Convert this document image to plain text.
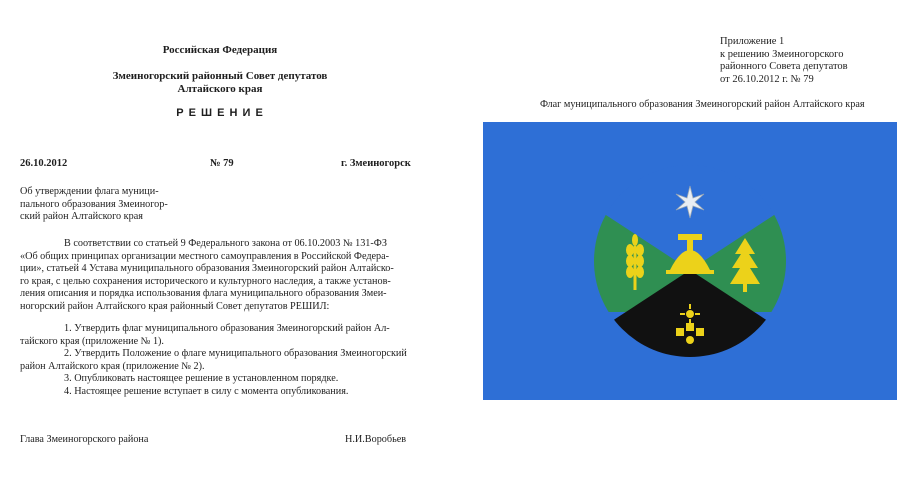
Российская Федерация
Змеиногорский районный Совет депутатов
Алтайского края
Р Е Ш Е Н И Е
26.10.2012	№ 79	г. Змеиногорск
Об утверждении флага муници-
пального образования Змеиногор-
ский район Алтайского края
В соответствии со статьей 9 Федерального закона от 06.10.2003 № 131-ФЗ
«Об общих принципах организации местного самоуправления в Российской Федера-
ции», статьей 4 Устава муниципального образования Змеиногорский район Алтайско-
го края, с целью сохранения исторического и культурного наследия, а также установ-
ления описания и порядка использования флага муниципального образования Змеи-
ногорский район Алтайского края районный Совет депутатов РЕШИЛ:
1. Утвердить флаг муниципального образования Змеиногорский район Ал-
тайского края (приложение № 1).
2. Утвердить Положение о флаге муниципального образования Змеиногорский
район Алтайского края (приложение № 2).
3. Опубликовать настоящее решение в установленном порядке.
4. Настоящее решение вступает в силу с момента опубликования.
Глава Змеиногорского района	Н.И.Воробьев
Приложение 1
к решению Змеиногорского
районного Совета депутатов
от 26.10.2012 г. № 79
Флаг муниципального образования Змеиногорский район Алтайского края
